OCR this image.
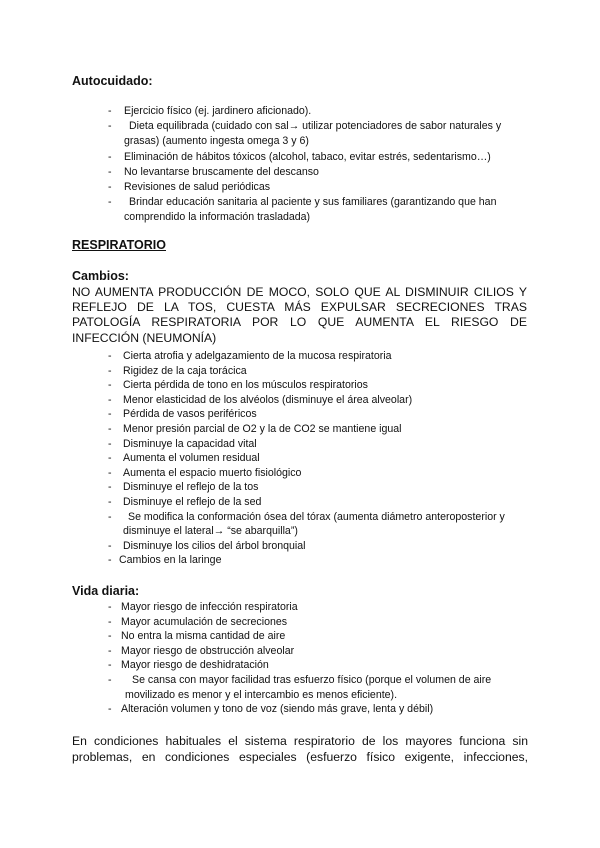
Autocuidado:
- Ejercicio físico (ej. jardinero aficionado).
- Dieta equilibrada (cuidado con sal→ utilizar potenciadores de sabor naturales y
grasas) (aumento ingesta omega 3 y 6)
- Eliminación de hábitos tóxicos (alcohol, tabaco, evitar estrés, sedentarismo…)
- No levantarse bruscamente del descanso
- Revisiones de salud periódicas
- Brindar educación sanitaria al paciente y sus familiares (garantizando que han
comprendido la información trasladada)
RESPIRATORIO
Cambios:
NO AUMENTA PRODUCCIÓN DE MOCO, SOLO QUE AL DISMINUIR CILIOS Y REFLEJO DE LA TOS, CUESTA MÁS EXPULSAR SECRECIONES TRAS PATOLOGÍA RESPIRATORIA POR LO QUE AUMENTA EL RIESGO DE INFECCIÓN (NEUMONÍA)
- Cierta atrofia y adelgazamiento de la mucosa respiratoria
- Rigidez de la caja torácica
- Cierta pérdida de tono en los músculos respiratorios
- Menor elasticidad de los alvéolos (disminuye el área alveolar)
- Pérdida de vasos periféricos
- Menor presión parcial de O2 y la de CO2 se mantiene igual
- Disminuye la capacidad vital
- Aumenta el volumen residual
- Aumenta el espacio muerto fisiológico
- Disminuye el reflejo de la tos
- Disminuye el reflejo de la sed
- Se modifica la conformación ósea del tórax (aumenta diámetro anteroposterior y
disminuye el lateral→ “se abarquilla”)
- Disminuye los cilios del árbol bronquial
- Cambios en la laringe
Vida diaria:
- Mayor riesgo de infección respiratoria
- Mayor acumulación de secreciones
- No entra la misma cantidad de aire
- Mayor riesgo de obstrucción alveolar
- Mayor riesgo de deshidratación
- Se cansa con mayor facilidad tras esfuerzo físico (porque el volumen de aire
movilizado es menor y el intercambio es menos eficiente).
- Alteración volumen y tono de voz (siendo más grave, lenta y débil)
En condiciones habituales el sistema respiratorio de los mayores funciona sin
problemas, en condiciones especiales (esfuerzo físico exigente, infecciones,
